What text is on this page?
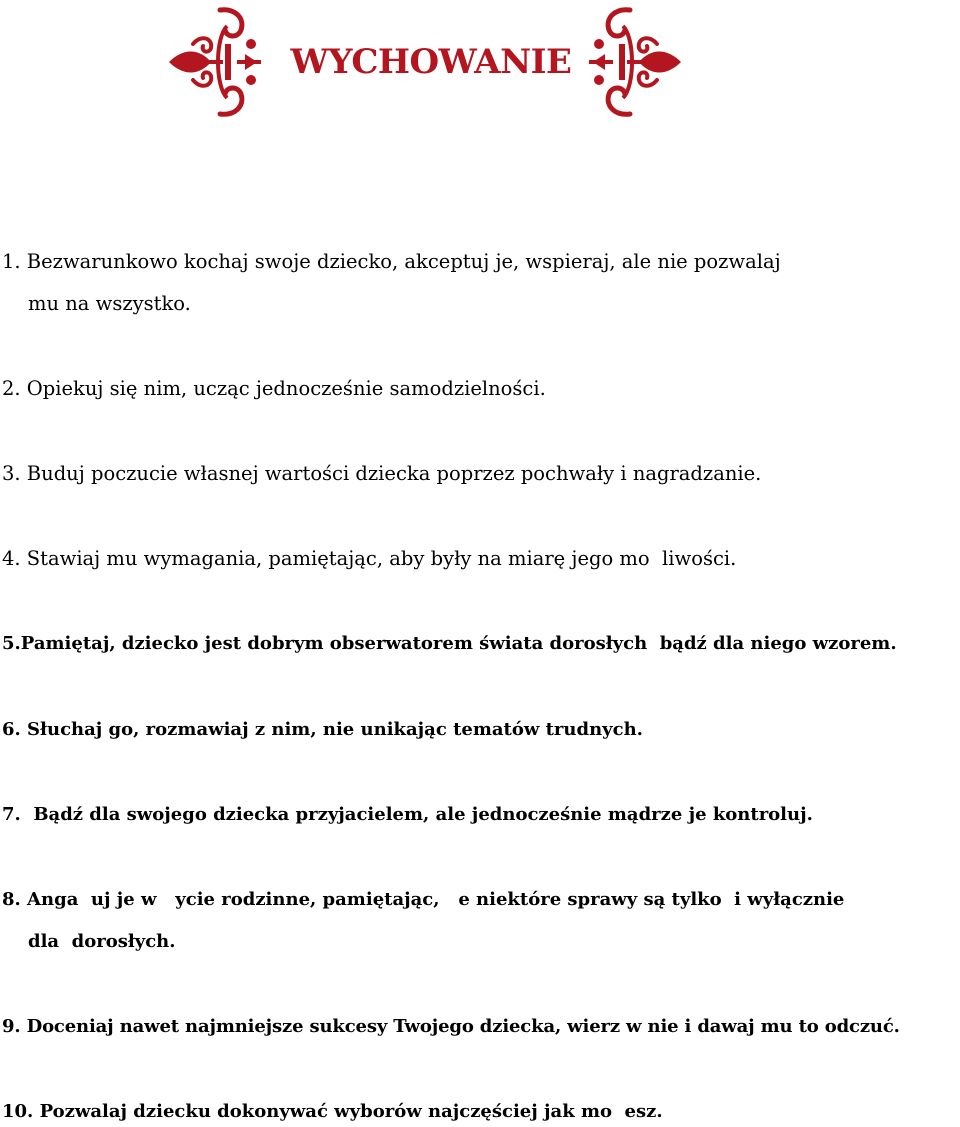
WYCHOWANIE
1. Bezwarunkowo kochaj swoje dziecko, akceptuj je, wspieraj, ale nie pozwalaj
mu na wszystko.
2. Opiekuj się nim, ucząc jednocześnie samodzielności.
3. Buduj poczucie własnej wartości dziecka poprzez pochwały i nagradzanie.
4. Stawiaj mu wymagania, pamiętając, aby były na miarę jego mo  liwości.
5.Pamiętaj, dziecko jest dobrym obserwatorem świata dorosłych  bądź dla niego wzorem.
6. Słuchaj go, rozmawiaj z nim, nie unikając tematów trudnych.
7.  Bądź dla swojego dziecka przyjacielem, ale jednocześnie mądrze je kontroluj.
8. Anga  uj je w   ycie rodzinne, pamiętając,   e niektóre sprawy są tylko  i wyłącznie
dla  dorosłych.
9. Doceniaj nawet najmniejsze sukcesy Twojego dziecka, wierz w nie i dawaj mu to odczuć.
10. Pozwalaj dziecku dokonywać wyborów najczęściej jak mo  esz.
